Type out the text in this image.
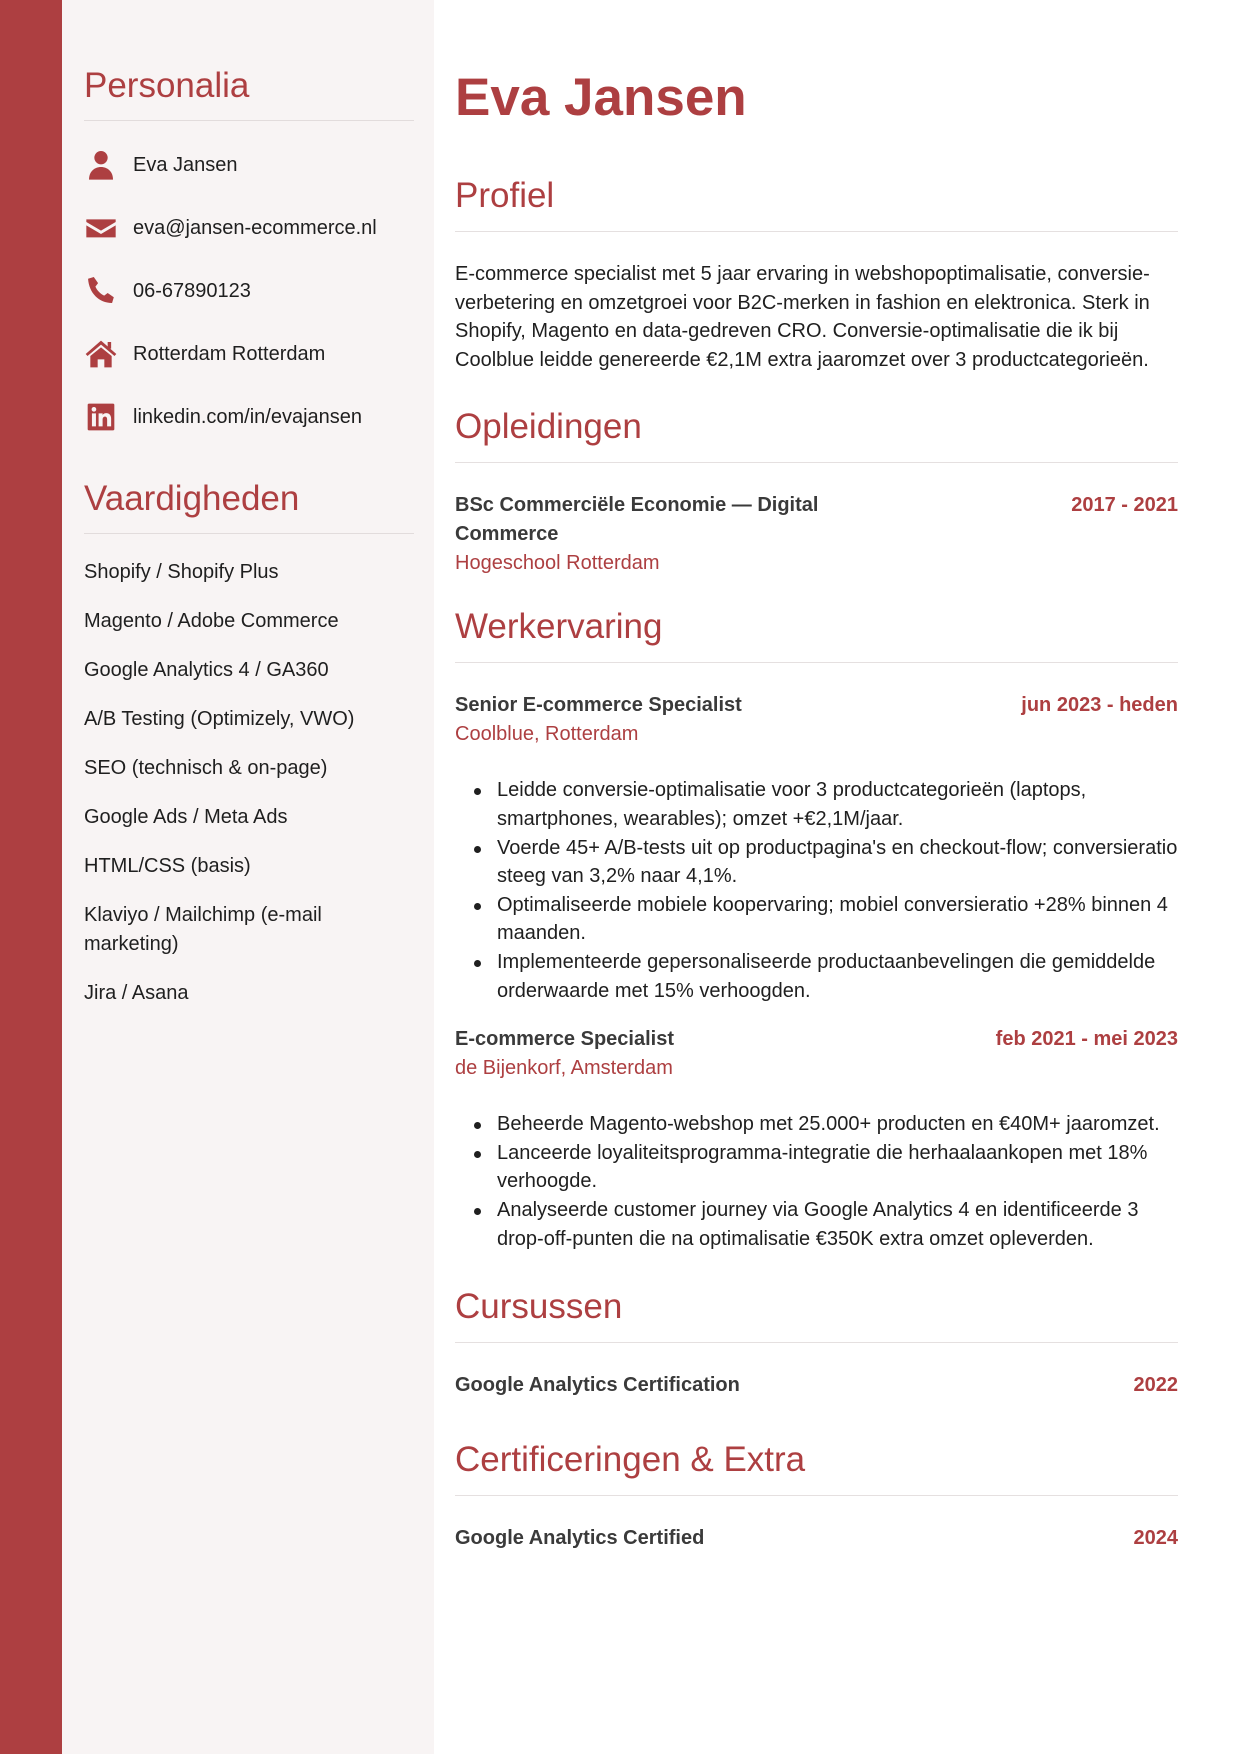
Personalia
Eva Jansen
eva@jansen-ecommerce.nl
06-67890123
Rotterdam Rotterdam
linkedin.com/in/evajansen
Vaardigheden
Shopify / Shopify Plus
Magento / Adobe Commerce
Google Analytics 4 / GA360
A/B Testing (Optimizely, VWO)
SEO (technisch & on-page)
Google Ads / Meta Ads
HTML/CSS (basis)
Klaviyo / Mailchimp (e-mail marketing)
Jira / Asana
Eva Jansen
Profiel

E-commerce specialist met 5 jaar ervaring in webshopoptimalisatie, conversie-verbetering en omzetgroei voor B2C-merken in fashion en elektronica. Sterk in Shopify, Magento en data-gedreven CRO. Conversie-optimalisatie die ik bij Coolblue leidde genereerde €2,1M extra jaaromzet over 3 productcategorieën.

Opleidingen
BSc Commerciële Economie — Digital Commerce
2017 - 2021
Hogeschool Rotterdam
Werkervaring
Senior E-commerce Specialist	jun 2023 - heden
Coolblue, Rotterdam
Leidde conversie-optimalisatie voor 3 productcategorieën (laptops, smartphones, wearables); omzet +€2,1M/jaar.
Voerde 45+ A/B-tests uit op productpagina's en checkout-flow; conversieratio steeg van 3,2% naar 4,1%.
Optimaliseerde mobiele koopervaring; mobiel conversieratio +28% binnen 4 maanden.
Implementeerde gepersonaliseerde productaanbevelingen die gemiddelde orderwaarde met 15% verhoogden.
E-commerce Specialist	feb 2021 - mei 2023
de Bijenkorf, Amsterdam
Beheerde Magento-webshop met 25.000+ producten en €40M+ jaaromzet.
Lanceerde loyaliteitsprogramma-integratie die herhaalaankopen met 18% verhoogde.
Analyseerde customer journey via Google Analytics 4 en identificeerde 3 drop-off-punten die na optimalisatie €350K extra omzet opleverden.
Cursussen
Google Analytics Certification	2022
Certificeringen & Extra
Google Analytics Certified	2024
